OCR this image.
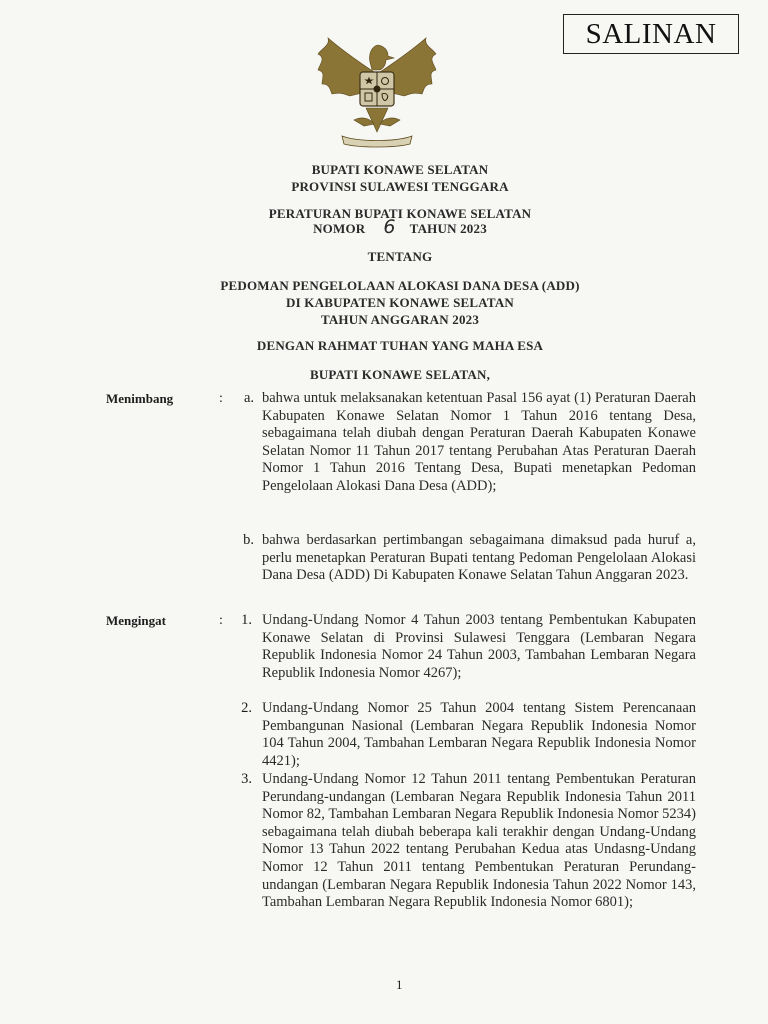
SALINAN
BUPATI KONAWE SELATAN
PROVINSI SULAWESI TENGGARA
PERATURAN BUPATI KONAWE SELATAN
NOMOR 6 TAHUN 2023
TENTANG
PEDOMAN PENGELOLAAN ALOKASI DANA DESA (ADD)
DI KABUPATEN KONAWE SELATAN
TAHUN ANGGARAN 2023
DENGAN RAHMAT TUHAN YANG MAHA ESA
BUPATI KONAWE SELATAN,
Menimbang	:	a. bahwa untuk melaksanakan ketentuan Pasal 156 ayat (1) Peraturan Daerah Kabupaten Konawe Selatan Nomor 1 Tahun 2016 tentang Desa, sebagaimana telah diubah dengan Peraturan Daerah Kabupaten Konawe Selatan Nomor 11 Tahun 2017 tentang Perubahan Atas Peraturan Daerah Nomor 1 Tahun 2016 Tentang Desa, Bupati menetapkan Pedoman Pengelolaan Alokasi Dana Desa (ADD);
b. bahwa berdasarkan pertimbangan sebagaimana dimaksud pada huruf a, perlu menetapkan Peraturan Bupati tentang Pedoman Pengelolaan Alokasi Dana Desa (ADD) Di Kabupaten Konawe Selatan Tahun Anggaran 2023.
Mengingat	:	1. Undang-Undang Nomor 4 Tahun 2003 tentang Pembentukan Kabupaten Konawe Selatan di Provinsi Sulawesi Tenggara (Lembaran Negara Republik Indonesia Nomor 24 Tahun 2003, Tambahan Lembaran Negara Republik Indonesia Nomor 4267);
2. Undang-Undang Nomor 25 Tahun 2004 tentang Sistem Perencanaan Pembangunan Nasional (Lembaran Negara Republik Indonesia Nomor 104 Tahun 2004, Tambahan Lembaran Negara Republik Indonesia Nomor 4421);
3. Undang-Undang Nomor 12 Tahun 2011 tentang Pembentukan Peraturan Perundang-undangan (Lembaran Negara Republik Indonesia Tahun 2011 Nomor 82, Tambahan Lembaran Negara Republik Indonesia Nomor 5234) sebagaimana telah diubah beberapa kali terakhir dengan Undang-Undang Nomor 13 Tahun 2022 tentang Perubahan Kedua atas Undasng-Undang Nomor 12 Tahun 2011 tentang Pembentukan Peraturan Perundang-undangan (Lembaran Negara Republik Indonesia Tahun 2022 Nomor 143, Tambahan Lembaran Negara Republik Indonesia Nomor 6801);
1
